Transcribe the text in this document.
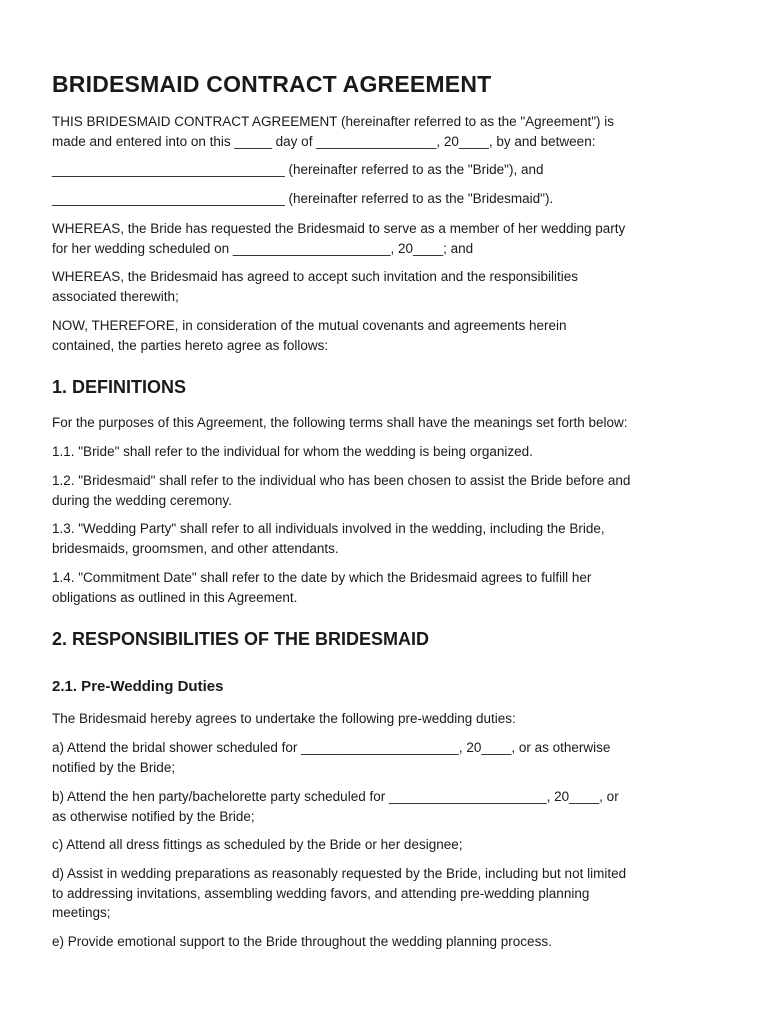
BRIDESMAID CONTRACT AGREEMENT

THIS BRIDESMAID CONTRACT AGREEMENT (hereinafter referred to as the "Agreement") is
made and entered into on this _____ day of ________________, 20____, by and between:

_______________________________ (hereinafter referred to as the "Bride"), and

_______________________________ (hereinafter referred to as the "Bridesmaid").

WHEREAS, the Bride has requested the Bridesmaid to serve as a member of her wedding party
for her wedding scheduled on _____________________, 20____; and

WHEREAS, the Bridesmaid has agreed to accept such invitation and the responsibilities
associated therewith;

NOW, THEREFORE, in consideration of the mutual covenants and agreements herein
contained, the parties hereto agree as follows:

1. DEFINITIONS

For the purposes of this Agreement, the following terms shall have the meanings set forth below:

1.1. "Bride" shall refer to the individual for whom the wedding is being organized.

1.2. "Bridesmaid" shall refer to the individual who has been chosen to assist the Bride before and
during the wedding ceremony.

1.3. "Wedding Party" shall refer to all individuals involved in the wedding, including the Bride,
bridesmaids, groomsmen, and other attendants.

1.4. "Commitment Date" shall refer to the date by which the Bridesmaid agrees to fulfill her
obligations as outlined in this Agreement.

2. RESPONSIBILITIES OF THE BRIDESMAID
2.1. Pre-Wedding Duties

The Bridesmaid hereby agrees to undertake the following pre-wedding duties:

a) Attend the bridal shower scheduled for _____________________, 20____, or as otherwise
notified by the Bride;

b) Attend the hen party/bachelorette party scheduled for _____________________, 20____, or
as otherwise notified by the Bride;

c) Attend all dress fittings as scheduled by the Bride or her designee;

d) Assist in wedding preparations as reasonably requested by the Bride, including but not limited
to addressing invitations, assembling wedding favors, and attending pre-wedding planning
meetings;

e) Provide emotional support to the Bride throughout the wedding planning process.
